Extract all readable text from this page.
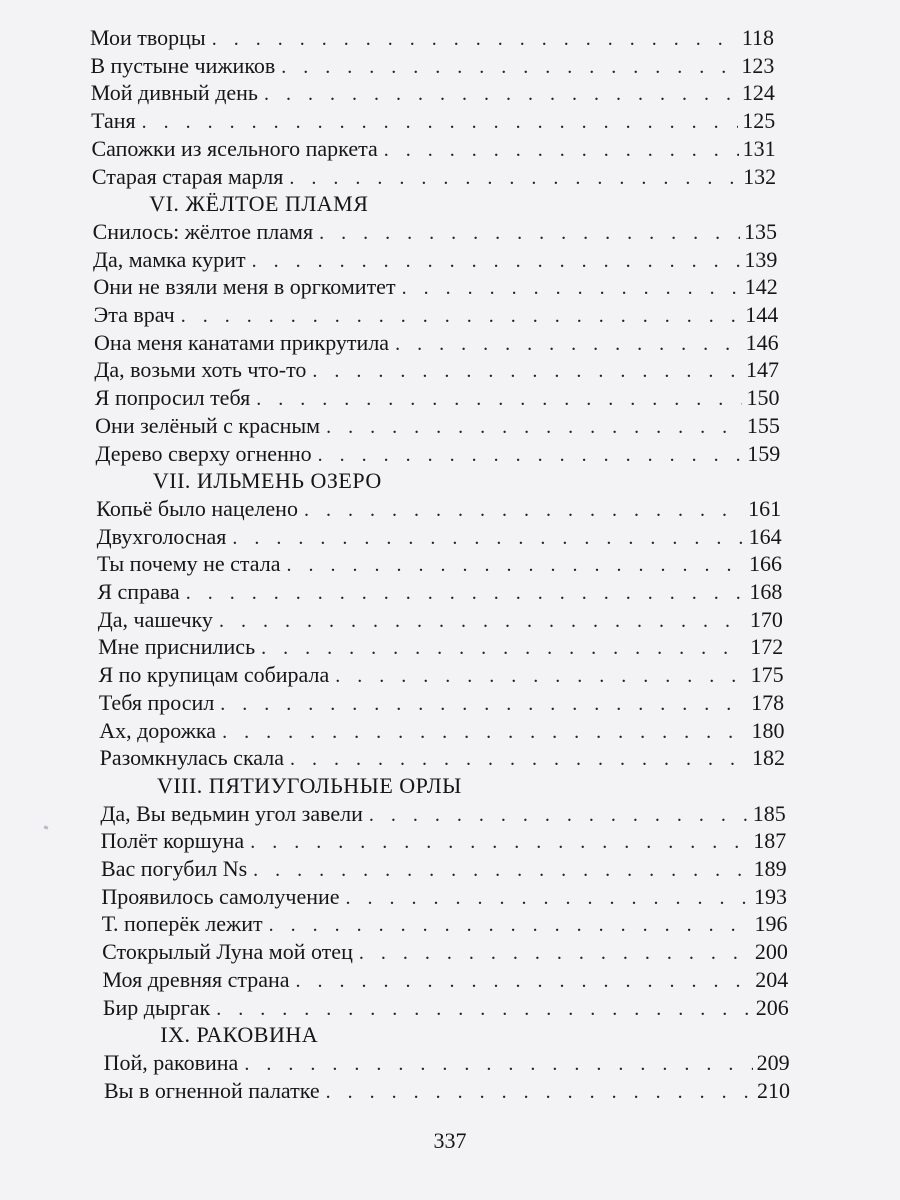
Мои творцы . . .	118
В пустыне чижиков . . .	123
Мой дивный день . . .	124
Таня . . .	125
Сапожки из ясельного паркета . . .	131
Старая старая марля . . .	132
VI. ЖЁЛТОЕ ПЛАМЯ
Снилось: жёлтое пламя . . .	135
Да, мамка курит . . .	139
Они не взяли меня в оргкомитет . . .	142
Эта врач . . .	144
Она меня канатами прикрутила . . .	146
Да, возьми хоть что-то . . .	147
Я попросил тебя . . .	150
Они зелёный с красным . . .	155
Дерево сверху огненно . . .	159
VII. ИЛЬМЕНЬ ОЗЕРО
Копьё было нацелено . . .	161
Двухголосная . . .	164
Ты почему не стала . . .	166
Я справа . . .	168
Да, чашечку . . .	170
Мне приснились . . .	172
Я по крупицам собирала . . .	175
Тебя просил . . .	178
Ах, дорожка . . .	180
Разомкнулась скала . . .	182
VIII. ПЯТИУГОЛЬНЫЕ ОРЛЫ
Да, Вы ведьмин угол завели . . .	185
Полёт коршуна . . .	187
Вас погубил Ns . . .	189
Проявилось самолучение . . .	193
Т. поперёк лежит . . .	196
Стокрылый Луна мой отец . . .	200
Моя древняя страна . . .	204
Бир дыргак . . .	206
IX. РАКОВИНА
Пой, раковина . . .	209
Вы в огненной палатке . . .	210
337
